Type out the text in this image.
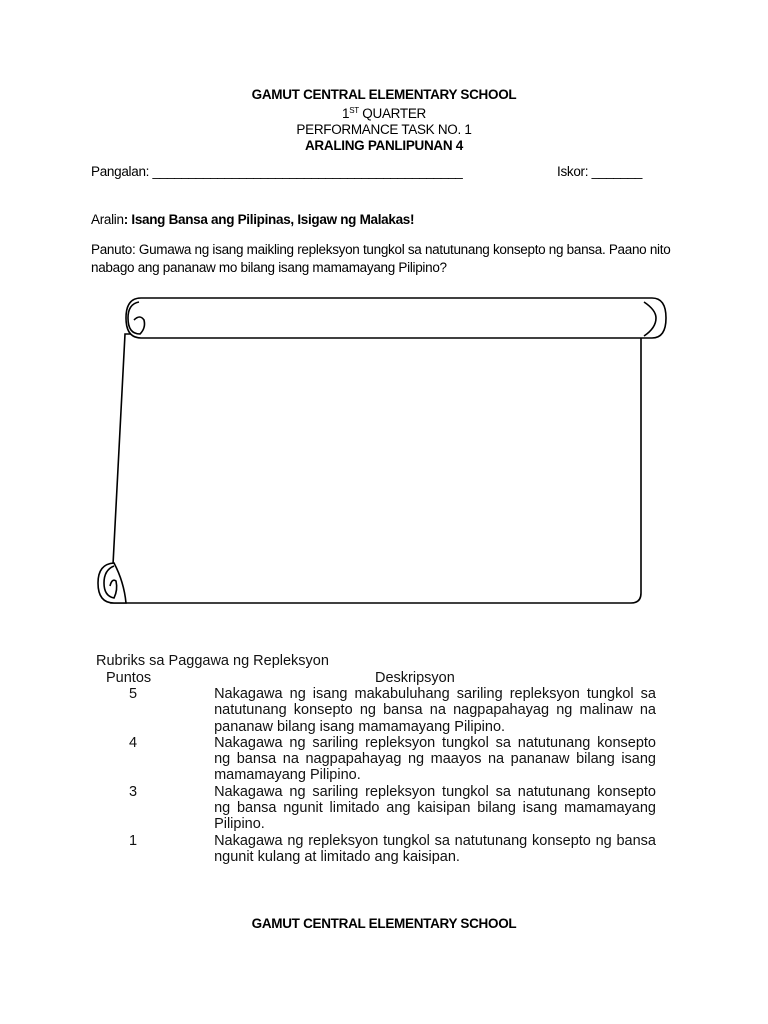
GAMUT CENTRAL ELEMENTARY SCHOOL
1ST QUARTER
PERFORMANCE TASK NO. 1
ARALING PANLIPUNAN 4
Pangalan: ___________________________________________	Iskor: _______
Aralin: Isang Bansa ang Pilipinas, Isigaw ng Malakas!
Panuto: Gumawa ng isang maikling repleksyon tungkol sa natutunang konsepto ng bansa. Paano nito nabago ang pananaw mo bilang isang mamamayang Pilipino?
Rubriks sa Paggawa ng Repleksyon
Puntos	Deskripsyon
5	Nakagawa ng isang makabuluhang sariling repleksyon tungkol sa natutunang konsepto ng bansa na nagpapahayag ng malinaw na pananaw bilang isang mamamayang Pilipino.
4	Nakagawa ng sariling repleksyon tungkol sa natutunang konsepto ng bansa na nagpapahayag ng maayos na pananaw bilang isang mamamayang Pilipino.
3	Nakagawa ng sariling repleksyon tungkol sa natutunang konsepto ng bansa ngunit limitado ang kaisipan bilang isang mamamayang Pilipino.
1	Nakagawa ng repleksyon tungkol sa natutunang konsepto ng bansa ngunit kulang at limitado ang kaisipan.
GAMUT CENTRAL ELEMENTARY SCHOOL
